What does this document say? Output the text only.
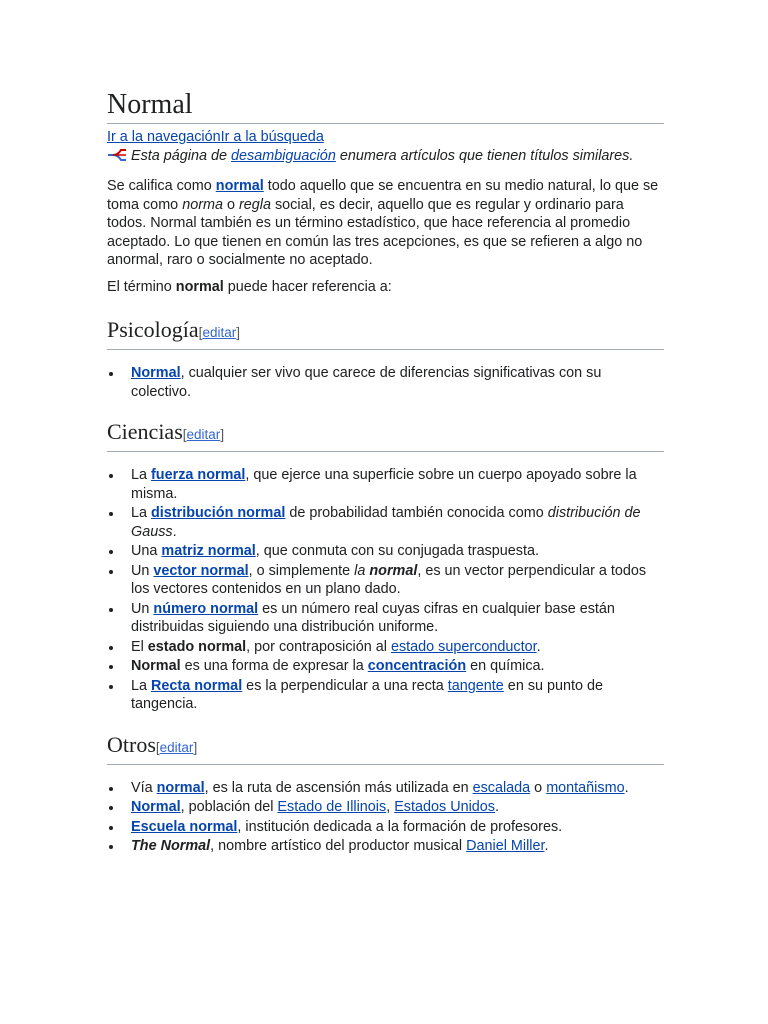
Normal
Ir a la navegaciónIr a la búsqueda
Esta página de desambiguación enumera artículos que tienen títulos similares.

Se califica como normal todo aquello que se encuentra en su medio natural, lo que se toma como norma o regla social, es decir, aquello que es regular y ordinario para todos. Normal también es un término estadístico, que hace referencia al promedio aceptado. Lo que tienen en común las tres acepciones, es que se refieren a algo no anormal, raro o socialmente no aceptado.

El término normal puede hacer referencia a:

Psicología[editar]
Normal, cualquier ser vivo que carece de diferencias significativas con su colectivo.
Ciencias[editar]
La fuerza normal, que ejerce una superficie sobre un cuerpo apoyado sobre la misma.
La distribución normal de probabilidad también conocida como distribución de Gauss.
Una matriz normal, que conmuta con su conjugada traspuesta.
Un vector normal, o simplemente la normal, es un vector perpendicular a todos los vectores contenidos en un plano dado.
Un número normal es un número real cuyas cifras en cualquier base están distribuidas siguiendo una distribución uniforme.
El estado normal, por contraposición al estado superconductor.
Normal es una forma de expresar la concentración en química.
La Recta normal es la perpendicular a una recta tangente en su punto de tangencia.
Otros[editar]
Vía normal, es la ruta de ascensión más utilizada en escalada o montañismo.
Normal, población del Estado de Illinois, Estados Unidos.
Escuela normal, institución dedicada a la formación de profesores.
The Normal, nombre artístico del productor musical Daniel Miller.
